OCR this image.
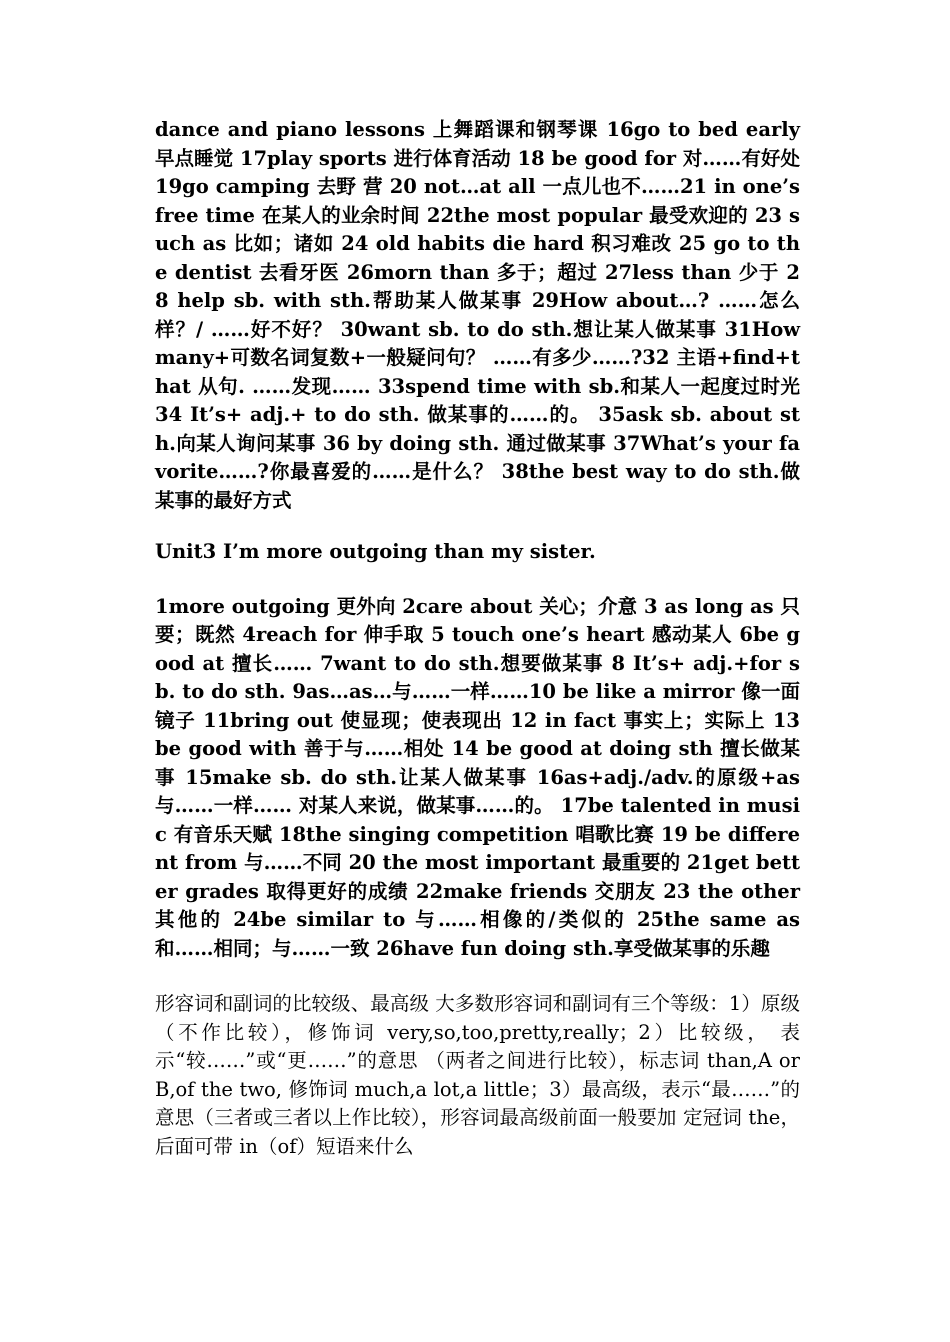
dance and piano lessons 上舞蹈课和钢琴课 16go to bed early 早点睡觉 17play sports 进行体育活动 18 be good for 对……有好处 19go camping 去野 营 20 not…at all 一点儿也不……21 in one’s free time 在某人的业余时间 22the most popular 最受欢迎的 23 such as 比如；诸如 24 old habits die hard 积习难改 25 go to the dentist 去看牙医 26morn than 多于；超过 27less than 少于 28 help sb. with sth.帮助某人做某事 29How about…? ……怎么样？/ ……好不好？ 30want sb. to do sth.想让某人做某事 31How many+可数名词复数+一般疑问句？ ……有多少……?32 主语+find+that 从句. ……发现…… 33spend time with sb.和某人一起度过时光 34 It’s+ adj.+ to do sth. 做某事的……的。 35ask sb. about sth.向某人询问某事 36 by doing sth. 通过做某事 37What’s your favorite……?你最喜爱的……是什么？ 38the best way to do sth.做某事的最好方式

Unit3 I’m more outgoing than my sister.

1more outgoing 更外向 2care about 关心；介意 3 as long as 只要；既然 4reach for 伸手取 5 touch one’s heart 感动某人 6be good at 擅长…… 7want to do sth.想要做某事 8 It’s+ adj.+for sb. to do sth. 9as…as…与……一样……10 be like a mirror 像一面镜子 11bring out 使显现；使表现出 12 in fact 事实上；实际上 13 be good with 善于与……相处 14 be good at doing sth 擅长做某事 15make sb. do sth.让某人做某事 16as+adj./adv.的原级+as 与……一样…… 对某人来说，做某事……的。 17be talented in music 有音乐天赋 18the singing competition 唱歌比赛 19 be different from 与……不同 20 the most important 最重要的 21get better grades 取得更好的成绩 22make friends 交朋友 23 the other 其他的 24be similar to 与……相像的/类似的 25the same as 和……相同；与……一致 26have fun doing sth.享受做某事的乐趣

形容词和副词的比较级、最高级 大多数形容词和副词有三个等级：1）原级（不作比较），修饰词 very,so,too,pretty,really；2）比较级， 表示“较……”或“更……”的意思 （两者之间进行比较），标志词 than,A or B,of the two, 修饰词 much,a lot,a little；3）最高级，表示“最……”的意思（三者或三者以上作比较），形容词最高级前面一般要加 定冠词 the，后面可带 in（of）短语来什么
